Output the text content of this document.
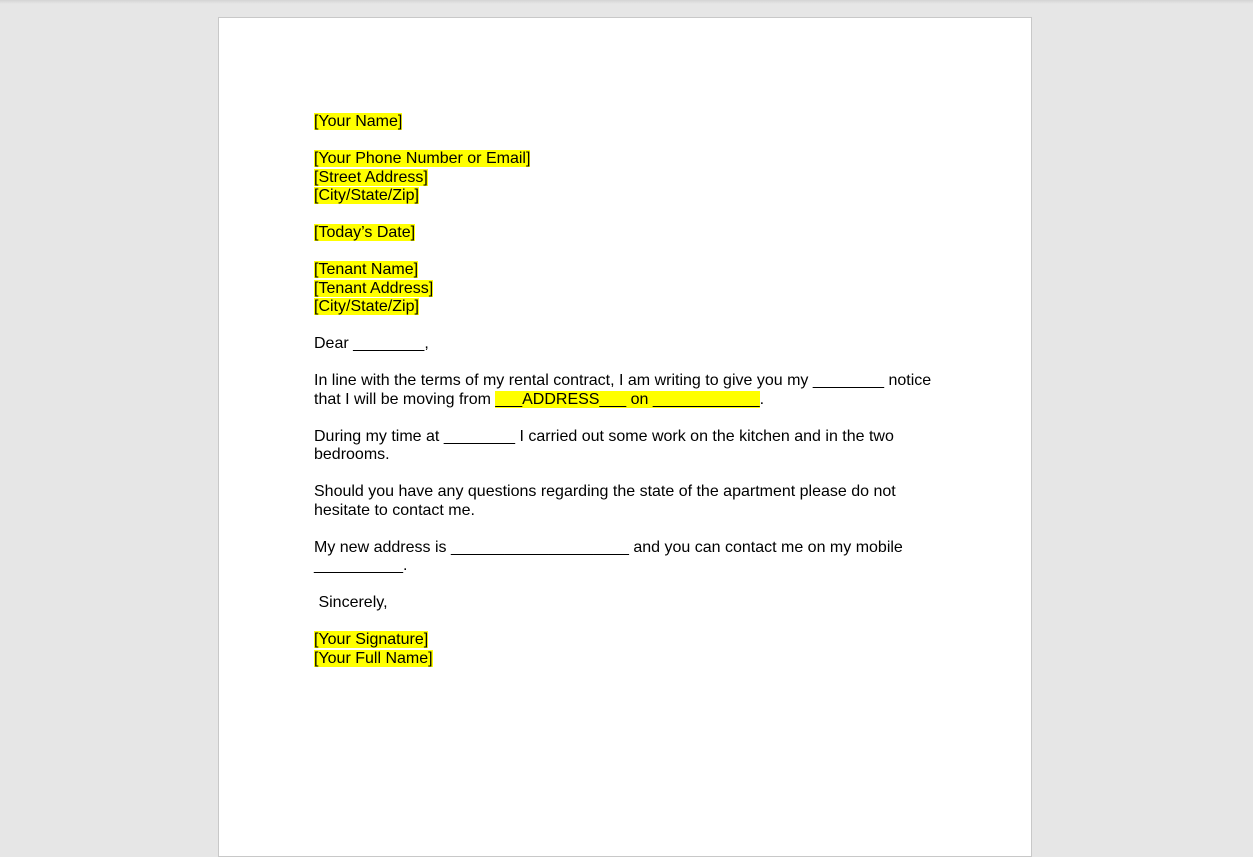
[Your Name]
[Your Phone Number or Email]
[Street Address]
[City/State/Zip]
[Today’s Date]
[Tenant Name]
[Tenant Address]
[City/State/Zip]
Dear ________,
In line with the terms of my rental contract, I am writing to give you my ________ notice that I will be moving from ___ADDRESS___ on ____________.
During my time at ________ I carried out some work on the kitchen and in the two bedrooms.
Should you have any questions regarding the state of the apartment please do not hesitate to contact me.
My new address is ____________________ and you can contact me on my mobile __________.
Sincerely,
[Your Signature]
[Your Full Name]
